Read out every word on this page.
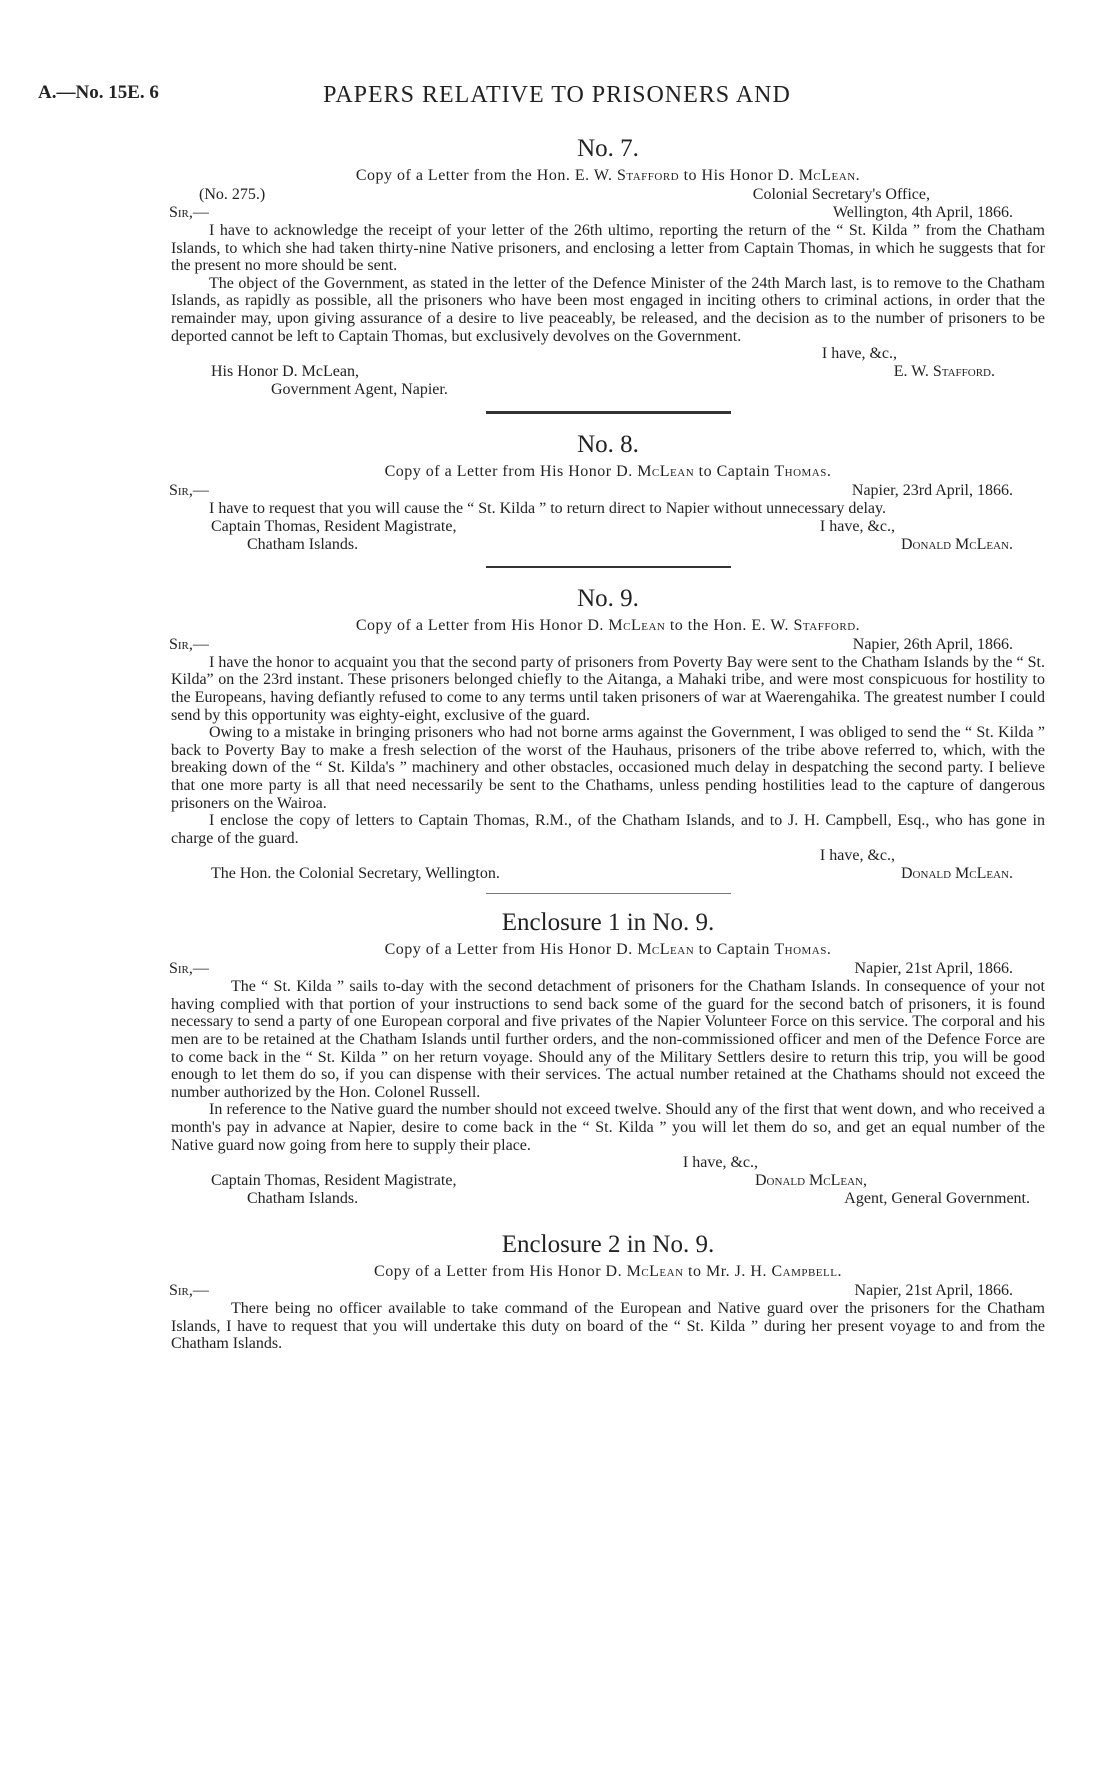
A.—No. 15E. 6	PAPERS RELATIVE TO PRISONERS AND
No. 7.
Copy of a Letter from the Hon. E. W. Stafford to His Honor D. McLean.
(No. 275.)	Colonial Secretary's Office,
Sir,—	Wellington, 4th April, 1866.

I have to acknowledge the receipt of your letter of the 26th ultimo, reporting the return of the “ St. Kilda ” from the Chatham Islands, to which she had taken thirty-nine Native prisoners, and enclosing a letter from Captain Thomas, in which he suggests that for the present no more should be sent.

The object of the Government, as stated in the letter of the Defence Minister of the 24th March last, is to remove to the Chatham Islands, as rapidly as possible, all the prisoners who have been most engaged in inciting others to criminal actions, in order that the remainder may, upon giving assurance of a desire to live peaceably, be released, and the decision as to the number of prisoners to be deported cannot be left to Captain Thomas, but exclusively devolves on the Government.

I have, &c.,
His Honor D. McLean,	E. W. Stafford.
Government Agent, Napier.
No. 8.
Copy of a Letter from His Honor D. McLean to Captain Thomas.
Sir,—	Napier, 23rd April, 1866.

I have to request that you will cause the “ St. Kilda ” to return direct to Napier without unnecessary delay.

Captain Thomas, Resident Magistrate,	I have, &c.,
Chatham Islands.	Donald McLean.
No. 9.
Copy of a Letter from His Honor D. McLean to the Hon. E. W. Stafford.
Sir,—	Napier, 26th April, 1866.

I have the honor to acquaint you that the second party of prisoners from Poverty Bay were sent to the Chatham Islands by the “ St. Kilda” on the 23rd instant. These prisoners belonged chiefly to the Aitanga, a Mahaki tribe, and were most conspicuous for hostility to the Europeans, having defiantly refused to come to any terms until taken prisoners of war at Waerengahika. The greatest number I could send by this opportunity was eighty-eight, exclusive of the guard.

Owing to a mistake in bringing prisoners who had not borne arms against the Government, I was obliged to send the “ St. Kilda ” back to Poverty Bay to make a fresh selection of the worst of the Hauhaus, prisoners of the tribe above referred to, which, with the breaking down of the “ St. Kilda's ” machinery and other obstacles, occasioned much delay in despatching the second party. I believe that one more party is all that need necessarily be sent to the Chathams, unless pending hostilities lead to the capture of dangerous prisoners on the Wairoa.

I enclose the copy of letters to Captain Thomas, R.M., of the Chatham Islands, and to J. H. Campbell, Esq., who has gone in charge of the guard.

I have, &c.,
The Hon. the Colonial Secretary, Wellington.	Donald McLean.
Enclosure 1 in No. 9.
Copy of a Letter from His Honor D. McLean to Captain Thomas.
Sir,—	Napier, 21st April, 1866.

The “ St. Kilda ” sails to-day with the second detachment of prisoners for the Chatham Islands. In consequence of your not having complied with that portion of your instructions to send back some of the guard for the second batch of prisoners, it is found necessary to send a party of one European corporal and five privates of the Napier Volunteer Force on this service. The corporal and his men are to be retained at the Chatham Islands until further orders, and the non-commissioned officer and men of the Defence Force are to come back in the “ St. Kilda ” on her return voyage. Should any of the Military Settlers desire to return this trip, you will be good enough to let them do so, if you can dispense with their services. The actual number retained at the Chathams should not exceed the number authorized by the Hon. Colonel Russell.

In reference to the Native guard the number should not exceed twelve. Should any of the first that went down, and who received a month's pay in advance at Napier, desire to come back in the “ St. Kilda ” you will let them do so, and get an equal number of the Native guard now going from here to supply their place.

I have, &c.,
Captain Thomas, Resident Magistrate,	Donald McLean,
Chatham Islands.	Agent, General Government.
Enclosure 2 in No. 9.
Copy of a Letter from His Honor D. McLean to Mr. J. H. Campbell.
Sir,—	Napier, 21st April, 1866.

There being no officer available to take command of the European and Native guard over the prisoners for the Chatham Islands, I have to request that you will undertake this duty on board of the “ St. Kilda ” during her present voyage to and from the Chatham Islands.
